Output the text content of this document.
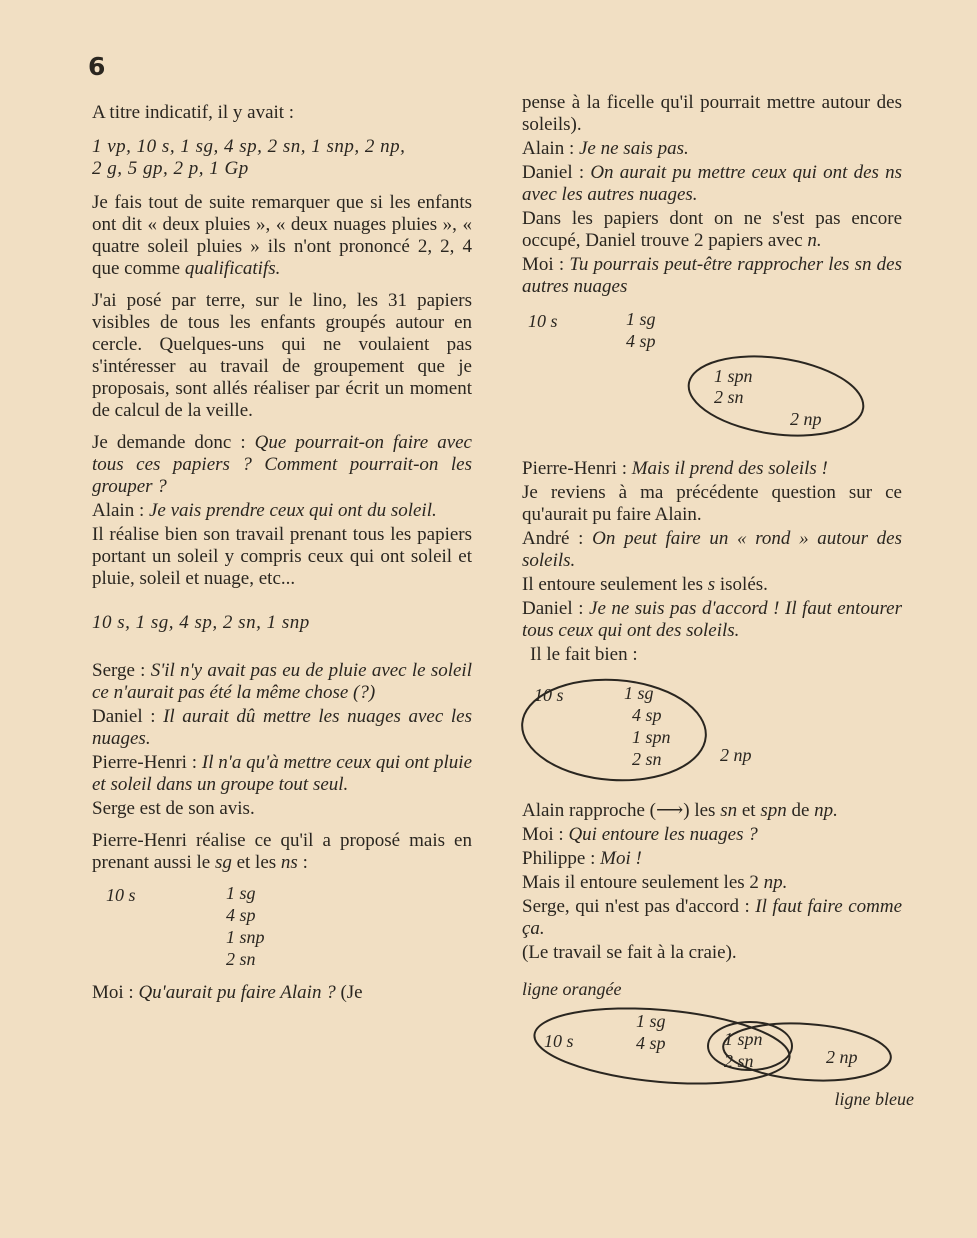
6

A titre indicatif, il y avait :

1 vp, 10 s, 1 sg, 4 sp, 2 sn, 1 snp, 2 np,
2 g, 5 gp, 2 p, 1 Gp

Je fais tout de suite remarquer que si les enfants ont dit « deux pluies », « deux nuages pluies », « quatre soleil pluies » ils n'ont prononcé 2, 2, 4 que comme qualificatifs.

J'ai posé par terre, sur le lino, les 31 papiers visibles de tous les enfants groupés autour en cercle. Quelques-uns qui ne voulaient pas s'intéresser au travail de groupement que je proposais, sont allés réaliser par écrit un moment de calcul de la veille.

Je demande donc : Que pourrait-on faire avec tous ces papiers ? Comment pourrait-on les grouper ?

Alain : Je vais prendre ceux qui ont du soleil.

Il réalise bien son travail prenant tous les papiers portant un soleil y compris ceux qui ont soleil et pluie, soleil et nuage, etc...

10 s, 1 sg, 4 sp, 2 sn, 1 snp

Serge : S'il n'y avait pas eu de pluie avec le soleil ce n'aurait pas été la même chose (?)

Daniel : Il aurait dû mettre les nuages avec les nuages.

Pierre-Henri : Il n'a qu'à mettre ceux qui ont pluie et soleil dans un groupe tout seul.

Serge est de son avis.

Pierre-Henri réalise ce qu'il a proposé mais en prenant aussi le sg et les ns :

10 s	1 sg
4 sp
1 snp
2 sn

Moi : Qu'aurait pu faire Alain ? (Je

pense à la ficelle qu'il pourrait mettre autour des soleils).

Alain : Je ne sais pas.

Daniel : On aurait pu mettre ceux qui ont des ns avec les autres nuages.

Dans les papiers dont on ne s'est pas encore occupé, Daniel trouve 2 papiers avec n.

Moi : Tu pourrais peut-être rapprocher les sn des autres nuages

10 s	1 sg
4 sp
1 spn
2 sn
2 np

Pierre-Henri : Mais il prend des soleils !

Je reviens à ma précédente question sur ce qu'aurait pu faire Alain.

André : On peut faire un « rond » autour des soleils.

Il entoure seulement les s isolés.

Daniel : Je ne suis pas d'accord ! Il faut entourer tous ceux qui ont des soleils.

Il le fait bien :

10 s	1 sg
4 sp
1 spn
2 sn	2 np

Alain rapproche (⟶) les sn et spn de np.

Moi : Qui entoure les nuages ?

Philippe : Moi !

Mais il entoure seulement les 2 np.

Serge, qui n'est pas d'accord : Il faut faire comme ça.

(Le travail se fait à la craie).

ligne orangée
10 s
1 sg
4 sp	1 spn
2 sn	2 np
ligne bleue
